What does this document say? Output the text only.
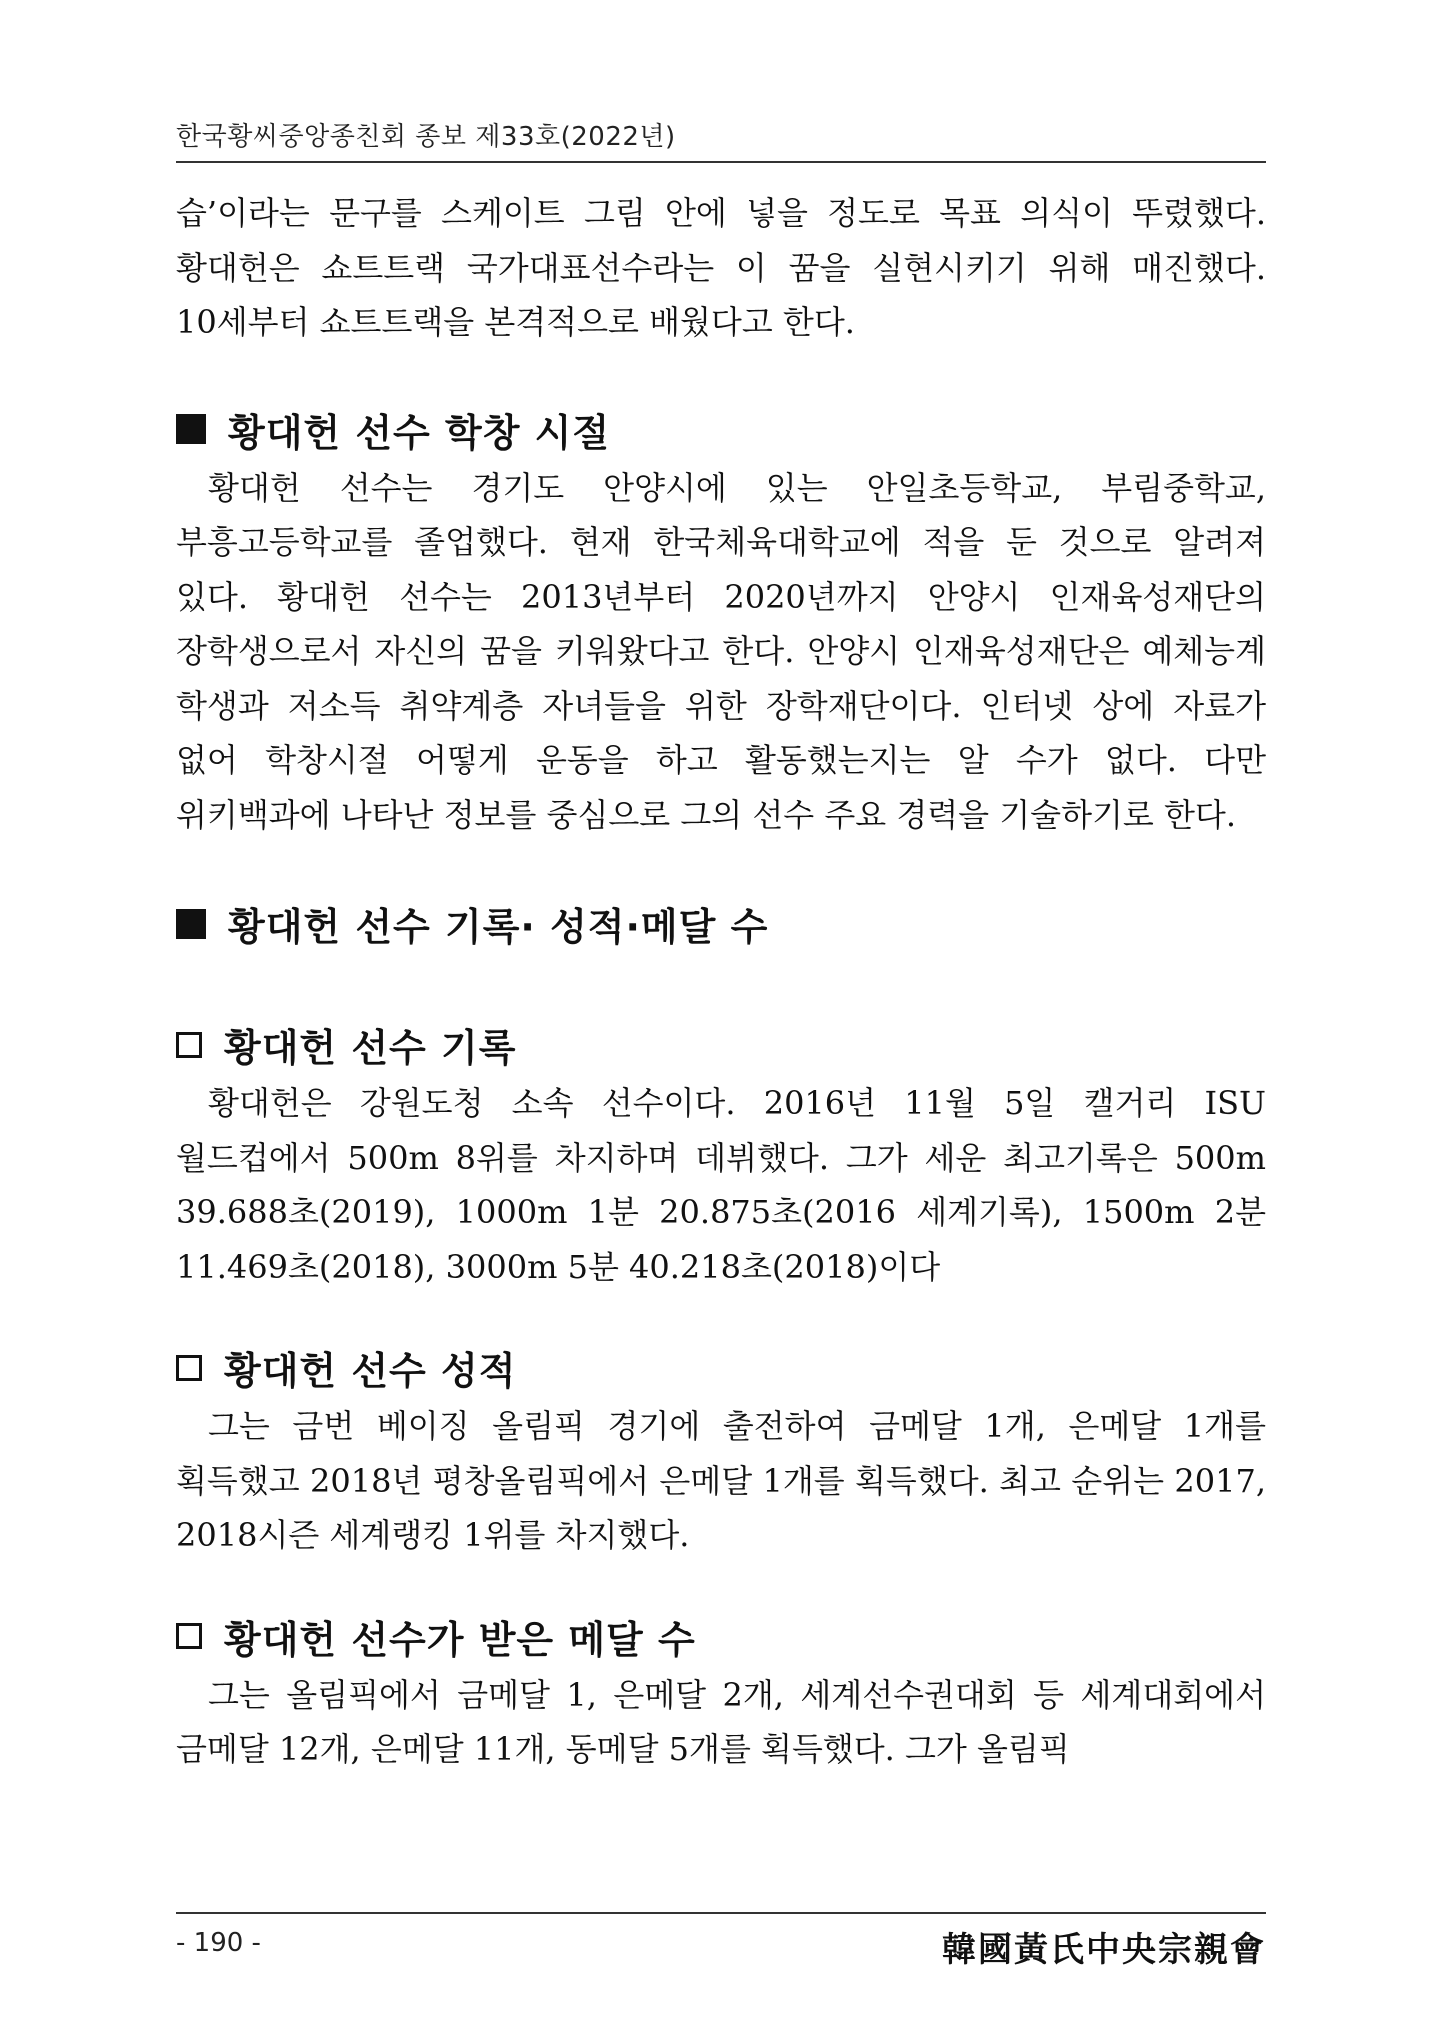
한국황씨중앙종친회 종보 제33호(2022년)

습’이라는 문구를 스케이트 그림 안에 넣을 정도로 목표 의식이 뚜렸했다. 황대헌은 쇼트트랙 국가대표선수라는 이 꿈을 실현시키기 위해 매진했다. 10세부터 쇼트트랙을 본격적으로 배웠다고 한다.

황대헌 선수 학창 시절

황대헌 선수는 경기도 안양시에 있는 안일초등학교, 부림중학교, 부흥고등학교를 졸업했다. 현재 한국체육대학교에 적을 둔 것으로 알려져 있다. 황대헌 선수는 2013년부터 2020년까지 안양시 인재육성재단의 장학생으로서 자신의 꿈을 키워왔다고 한다. 안양시 인재육성재단은 예체능계 학생과 저소득 취약계층 자녀들을 위한 장학재단이다. 인터넷 상에 자료가 없어 학창시절 어떻게 운동을 하고 활동했는지는 알 수가 없다. 다만 위키백과에 나타난 정보를 중심으로 그의 선수 주요 경력을 기술하기로 한다.

황대헌 선수 기록· 성적·메달 수
황대헌 선수 기록

황대헌은 강원도청 소속 선수이다. 2016년 11월 5일 캘거리 ISU 월드컵에서 500m 8위를 차지하며 데뷔했다. 그가 세운 최고기록은 500m 39.688초(2019), 1000m 1분 20.875초(2016 세계기록), 1500m 2분 11.469초(2018), 3000m 5분 40.218초(2018)이다

황대헌 선수 성적

그는 금번 베이징 올림픽 경기에 출전하여 금메달 1개, 은메달 1개를 획득했고 2018년 평창올림픽에서 은메달 1개를 획득했다. 최고 순위는 2017, 2018시즌 세계랭킹 1위를 차지했다.

황대헌 선수가 받은 메달 수

그는 올림픽에서 금메달 1, 은메달 2개, 세계선수권대회 등 세계대회에서 금메달 12개, 은메달 11개, 동메달 5개를 획득했다. 그가 올림픽

- 190 -	韓國黃氏中央宗親會
